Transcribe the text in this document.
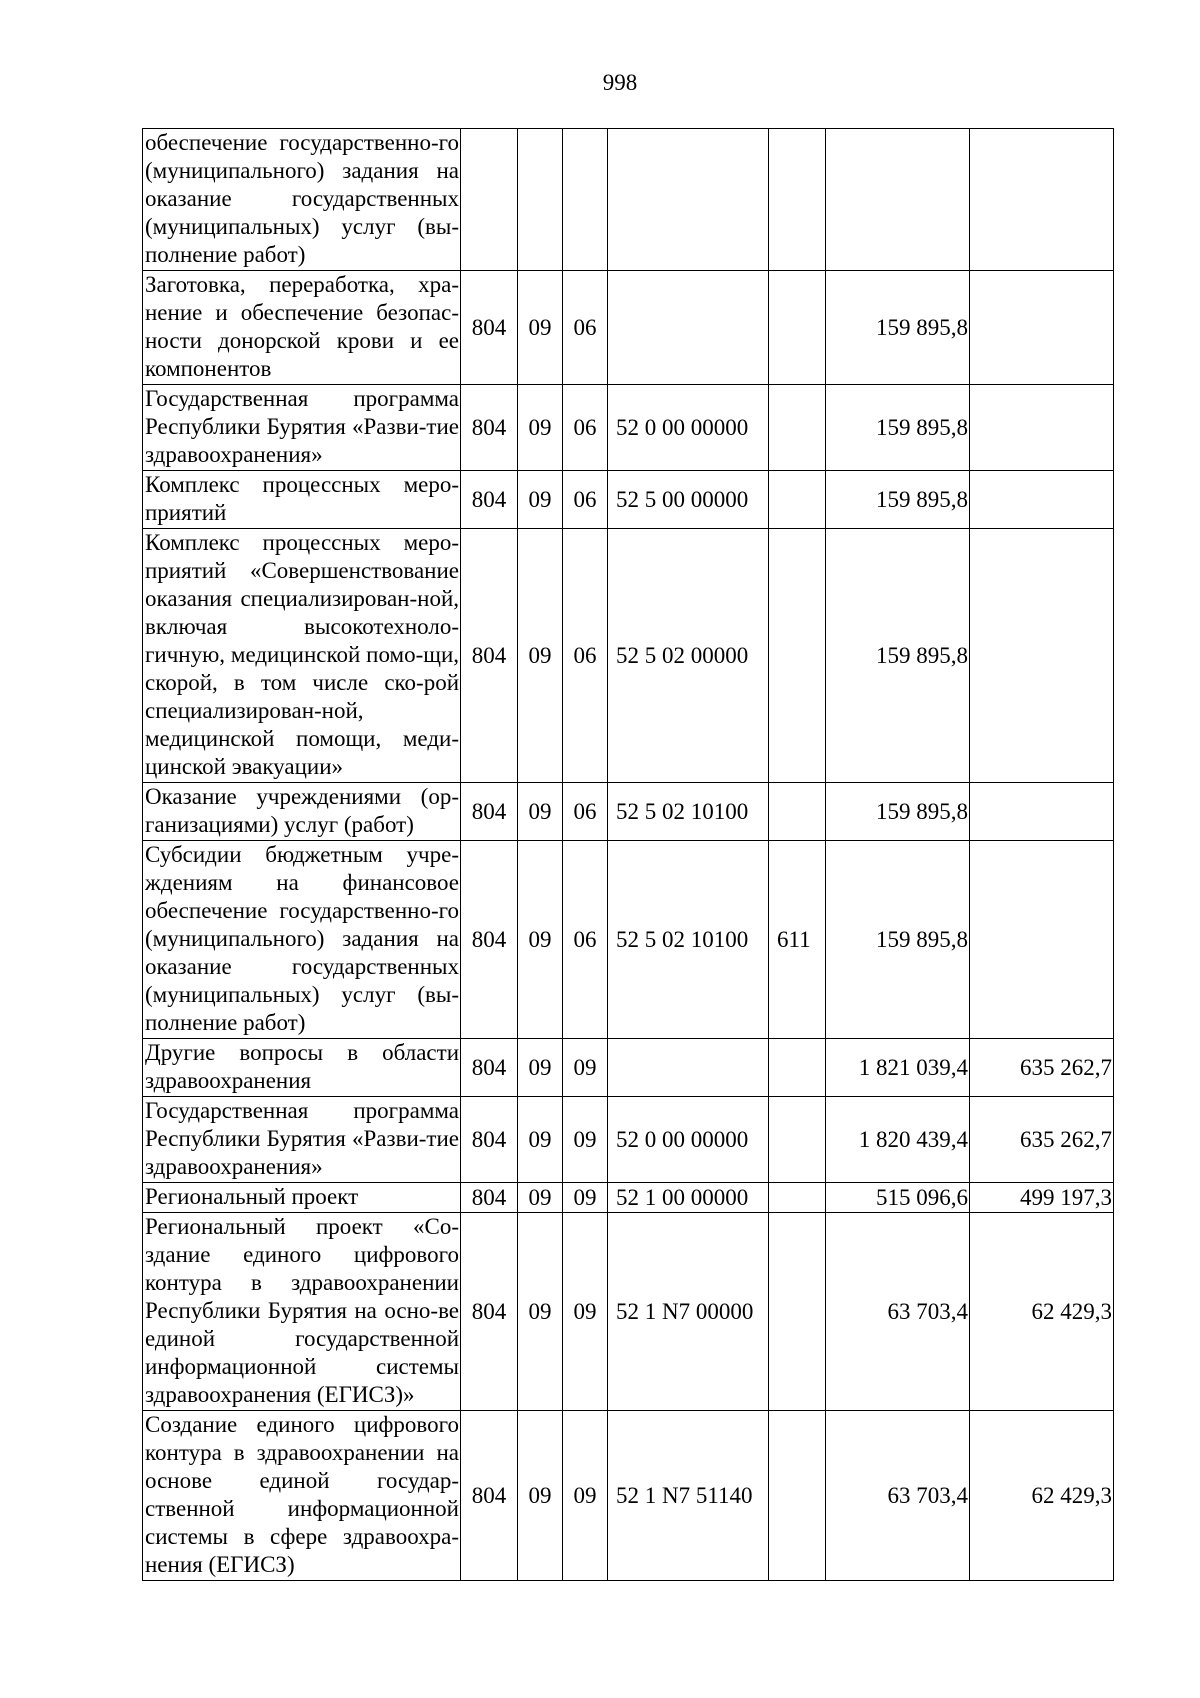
998
обеспечение государственно-го (муниципального) задания на оказание государственных (муниципальных) услуг (вы-полнение работ)							
Заготовка, переработка, хра-нение и обеспечение безопас-ности донорской крови и ее компонентов	804	09	06			159 895,8	
Государственная программа Республики Бурятия «Разви-тие здравоохранения»	804	09	06	52 0 00 00000		159 895,8	
Комплекс процессных меро-приятий	804	09	06	52 5 00 00000		159 895,8	
Комплекс процессных меро-приятий «Совершенствование оказания специализирован-ной, включая высокотехноло-гичную, медицинской помо-щи, скорой, в том числе ско-рой специализирован-ной, медицинской помощи, меди-цинской эвакуации»	804	09	06	52 5 02 00000		159 895,8	
Оказание учреждениями (ор-ганизациями) услуг (работ)	804	09	06	52 5 02 10100		159 895,8	
Субсидии бюджетным учре-ждениям на финансовое обеспечение государственно-го (муниципального) задания на оказание государственных (муниципальных) услуг (вы-полнение работ)	804	09	06	52 5 02 10100	611	159 895,8	
Другие вопросы в области здравоохранения	804	09	09			1 821 039,4	635 262,7
Государственная программа Республики Бурятия «Разви-тие здравоохранения»	804	09	09	52 0 00 00000		1 820 439,4	635 262,7
Региональный проект	804	09	09	52 1 00 00000		515 096,6	499 197,3
Региональный проект «Со-здание единого цифрового контура в здравоохранении Республики Бурятия на осно-ве единой государственной информационной системы здравоохранения (ЕГИСЗ)»	804	09	09	52 1 N7 00000		63 703,4	62 429,3
Создание единого цифрового контура в здравоохранении на основе единой государ-ственной информационной системы в сфере здравоохра-нения (ЕГИСЗ)	804	09	09	52 1 N7 51140		63 703,4	62 429,3
